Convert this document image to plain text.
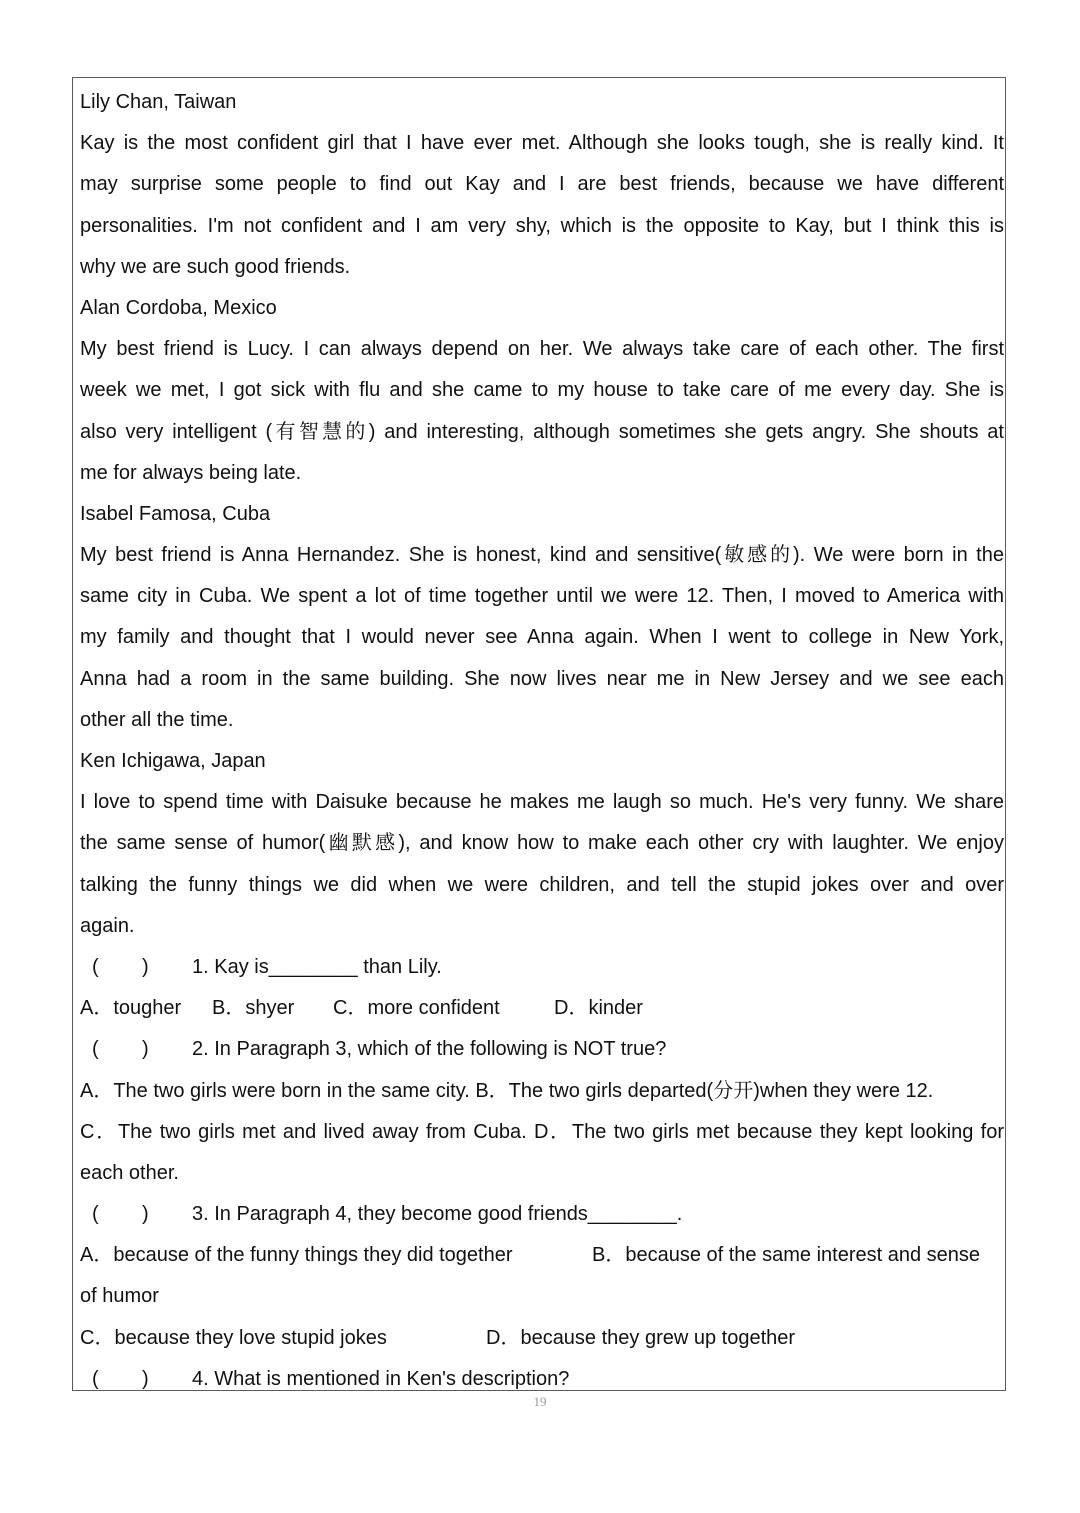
Lily Chan, Taiwan
Kay is the most confident girl that I have ever met. Although she looks tough, she is really kind. It
may surprise some people to find out Kay and I are best friends, because we have different
personalities. I'm not confident and I am very shy, which is the opposite to Kay, but I think this is
why we are such good friends.
Alan Cordoba, Mexico
My best friend is Lucy. I can always depend on her. We always take care of each other. The first
week we met, I got sick with flu and she came to my house to take care of me every day. She is
also very intelligent (有智慧的) and interesting, although sometimes she gets angry. She shouts at
me for always being late.
Isabel Famosa, Cuba
My best friend is Anna Hernandez. She is honest, kind and sensitive(敏感的). We were born in the
same city in Cuba. We spent a lot of time together until we were 12. Then, I moved to America with
my family and thought that I would never see Anna again. When I went to college in New York,
Anna had a room in the same building. She now lives near me in New Jersey and we see each
other all the time.
Ken Ichigawa, Japan
I love to spend time with Daisuke because he makes me laugh so much. He's very funny. We share
the same sense of humor(幽默感), and know how to make each other cry with laughter. We enjoy
talking the funny things we did when we were children, and tell the stupid jokes over and over
again.
( ) 1. Kay is________ than Lily.
A．tougher B．shyer C．more confident	D．kinder
( ) 2. In Paragraph 3, which of the following is NOT true?
A．The two girls were born in the same city. B．The two girls departed(分开)when they were 12.
C．The two girls met and lived away from Cuba. D．The two girls met because they kept looking for
each other.
( ) 3. In Paragraph 4, they become good friends________.
A．because of the funny things they did together	B．because of the same interest and sense
of humor
C．because they love stupid jokes	D．because they grew up together
( ) 4. What is mentioned in Ken's description?
19
